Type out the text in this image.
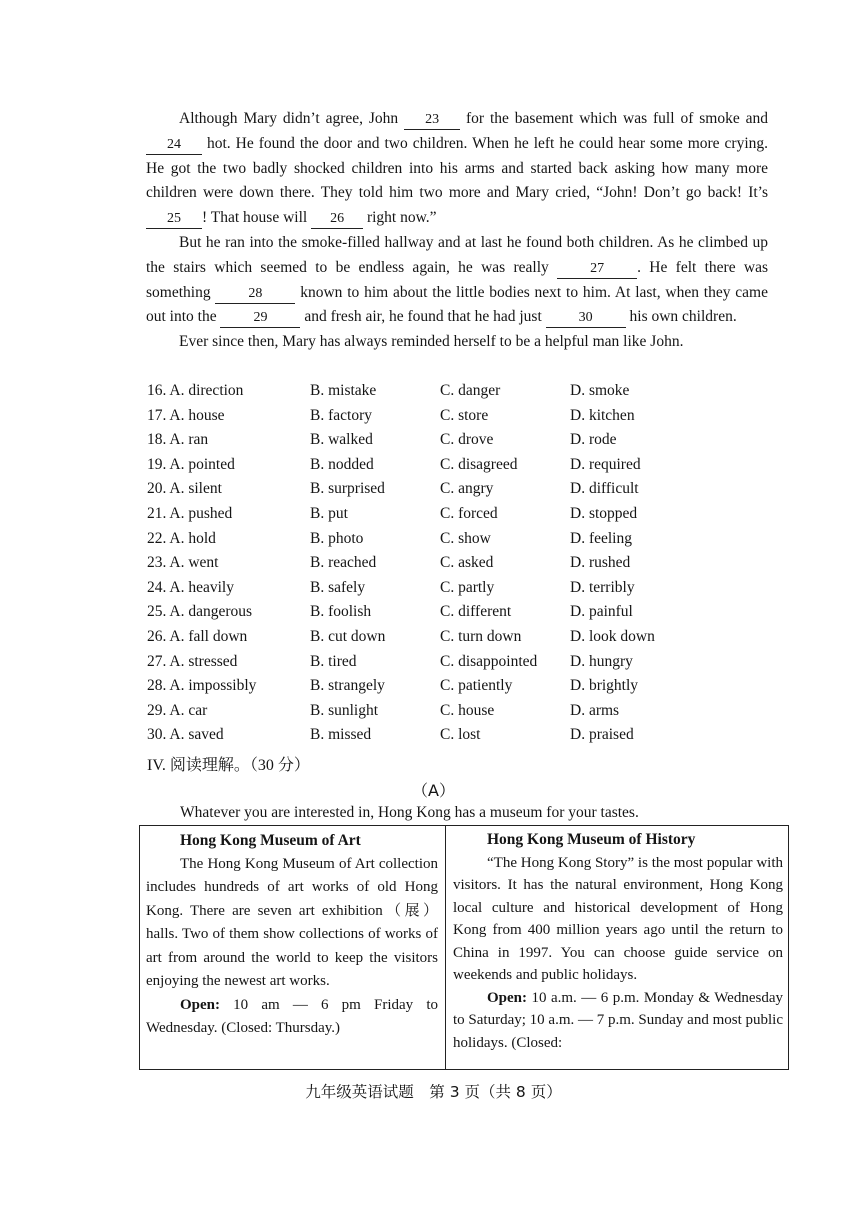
Although Mary didn’t agree, John 23 for the basement which was full of smoke and 24 hot. He found the door and two children. When he left he could hear some more crying. He got the two badly shocked children into his arms and started back asking how many more children were down there. They told him two more and Mary cried, “John! Don’t go back! It’s 25 ! That house will 26 right now.”

But he ran into the smoke-filled hallway and at last he found both children. As he climbed up the stairs which seemed to be endless again, he was really 27 . He felt there was something 28 known to him about the little bodies next to him. At last, when they came out into the 29 and fresh air, he found that he had just 30 his own children.

Ever since then, Mary has always reminded herself to be a helpful man like John.

16. A. direction	B. mistake	C. danger	D. smoke
17. A. house	B. factory	C. store	D. kitchen
18. A. ran	B. walked	C. drove	D. rode
19. A. pointed	B. nodded	C. disagreed	D. required
20. A. silent	B. surprised	C. angry	D. difficult
21. A. pushed	B. put	C. forced	D. stopped
22. A. hold	B. photo	C. show	D. feeling
23. A. went	B. reached	C. asked	D. rushed
24. A. heavily	B. safely	C. partly	D. terribly
25. A. dangerous	B. foolish	C. different	D. painful
26. A. fall down	B. cut down	C. turn down	D. look down
27. A. stressed	B. tired	C. disappointed D. hungry
28. A. impossibly	B. strangely	C. patiently	D. brightly
29. A. car	B. sunlight	C. house	D. arms
30. A. saved	B. missed	C. lost	D. praised
IV. 阅读理解。（30 分）
（A）
Whatever you are interested in, Hong Kong has a museum for your tastes.
Hong Kong Museum of Art

The Hong Kong Museum of Art collection includes hundreds of art works of old Hong Kong. There are seven art exhibition（展）halls. Two of them show collections of works of art from around the world to keep the visitors enjoying the newest art works.

Open: 10 am — 6 pm Friday to Wednesday. (Closed: Thursday.)

Hong Kong Museum of History

“The Hong Kong Story” is the most popular with visitors. It has the natural environment, Hong Kong local culture and historical development of Hong Kong from 400 million years ago until the return to China in 1997. You can choose guide service on weekends and public holidays.

Open: 10 a.m. — 6 p.m. Monday & Wednesday to Saturday; 10 a.m. — 7 p.m. Sunday and most public holidays. (Closed:

九年级英语试题　第 3 页（共 8 页）
